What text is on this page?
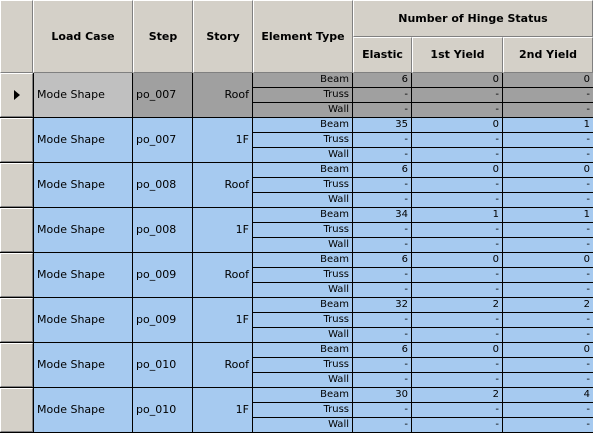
Load Case	Step	Story	Element Type
Number of Hinge Status
Elastic	1st Yield	2nd Yield
Mode Shape	po_007	Roof
Beam	6	0	0
Truss	-	-	-
Wall	-	-	-
Mode Shape	po_007	1F
Beam	35	0	1
Truss	-	-	-
Wall	-	-	-
Mode Shape	po_008	Roof
Beam	6	0	0
Truss	-	-	-
Wall	-	-	-
Mode Shape	po_008	1F
Beam	34	1	1
Truss	-	-	-
Wall	-	-	-
Mode Shape	po_009	Roof
Beam	6	0	0
Truss	-	-	-
Wall	-	-	-
Mode Shape	po_009	1F
Beam	32	2	2
Truss	-	-	-
Wall	-	-	-
Mode Shape	po_010	Roof
Beam	6	0	0
Truss	-	-	-
Wall	-	-	-
Mode Shape	po_010	1F
Beam	30	2	4
Truss	-	-	-
Wall	-	-	-
